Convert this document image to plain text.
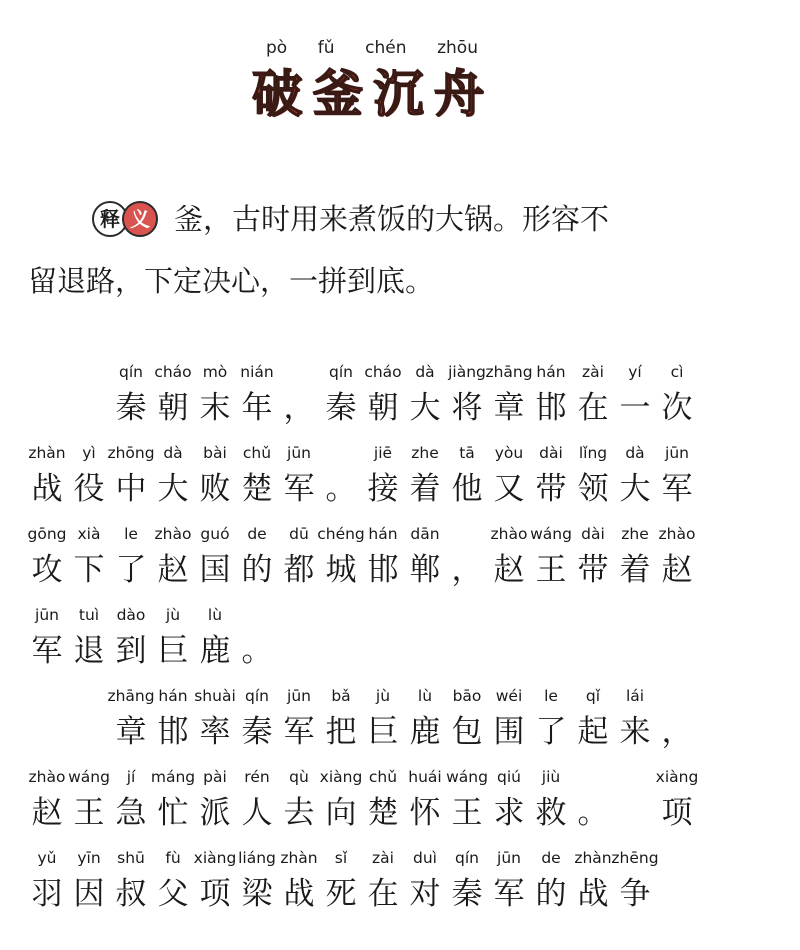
pò fǔ chén zhōu
破 釜 沉 舟
释 义 釜，古时用来煮饭的大锅。形容不
留退路，下定决心，一拼到底。
qín
秦
cháo
朝
mò
末
nián
年 ，
qín
秦
cháo
朝
dà
大
jiàng
将
zhāng
章
hán
邯
zài
在
yí
一
cì
次
zhàn
战
yì
役
zhōng
中
dà
大
bài
败
chǔ
楚
jūn
军 。
jiē
接
zhe
着
tā
他
yòu
又
dài
带
lǐng
领
dà
大
jūn
军
gōng
攻
xià
下
le
了
zhào
赵
guó
国
de
的
dū
都
chéng
城
hán
邯
dān
郸 ，
zhào
赵
wáng
王
dài
带
zhe
着
zhào
赵
jūn
军
tuì
退
dào
到
jù
巨
lù
鹿 。
zhāng
章
hán
邯
shuài
率
qín
秦
jūn
军
bǎ
把
jù
巨
lù
鹿
bāo
包
wéi
围
le
了
qǐ
起
lái
来 ，
zhào
赵
wáng
王
jí
急
máng
忙
pài
派
rén
人
qù
去
xiàng
向
chǔ
楚
huái
怀
wáng
王
qiú
求
jiù
救 。
xiàng
项
yǔ
羽
yīn
因
shū
叔
fù
父
xiàng
项
liáng
梁
zhàn
战
sǐ
死
zài
在
duì
对
qín
秦
jūn
军
de
的
zhàn
战
zhēng
争
